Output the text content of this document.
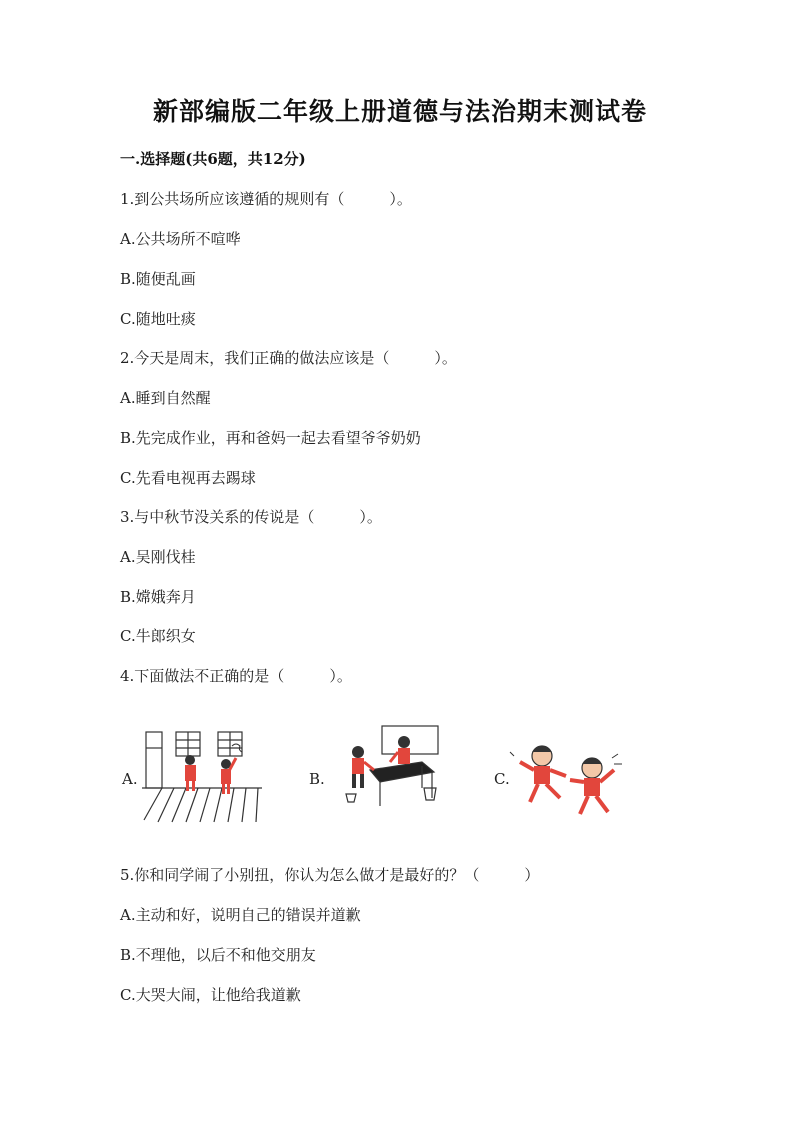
新部编版二年级上册道德与法治期末测试卷
一.选择题(共6题，共12分)
1.到公共场所应该遵循的规则有（　　　）。
A.公共场所不喧哗
B.随便乱画
C.随地吐痰
2.今天是周末，我们正确的做法应该是（　　　）。
A.睡到自然醒
B.先完成作业，再和爸妈一起去看望爷爷奶奶
C.先看电视再去踢球
3.与中秋节没关系的传说是（　　　）。
A.吴刚伐桂
B.嫦娥奔月
C.牛郎织女
4.下面做法不正确的是（　　　）。
A.	B.	C.
5.你和同学闹了小别扭，你认为怎么做才是最好的？（　　　）
A.主动和好，说明自己的错误并道歉
B.不理他，以后不和他交朋友
C.大哭大闹，让他给我道歉
